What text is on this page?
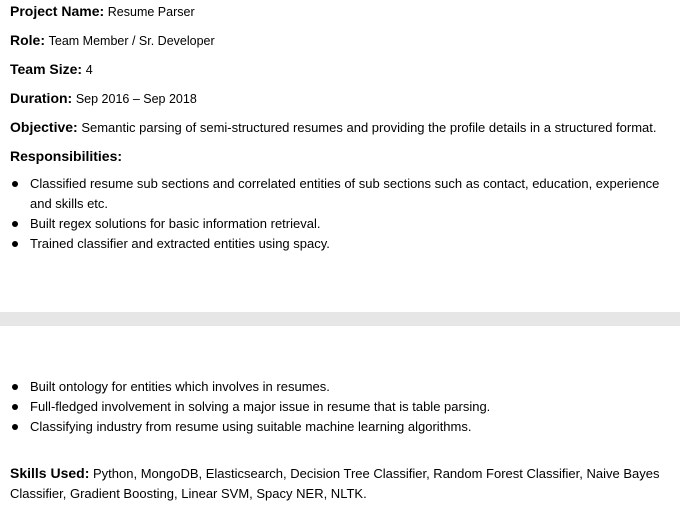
Project Name: Resume Parser
Role: Team Member / Sr. Developer
Team Size: 4
Duration: Sep 2016 – Sep 2018
Objective: Semantic parsing of semi-structured resumes and providing the profile details in a structured format.
Responsibilities:
Classified resume sub sections and correlated entities of sub sections such as contact, education, experience and skills etc.
Built regex solutions for basic information retrieval.
Trained classifier and extracted entities using spacy.
Built ontology for entities which involves in resumes.
Full-fledged involvement in solving a major issue in resume that is table parsing.
Classifying industry from resume using suitable machine learning algorithms.
Skills Used: Python, MongoDB, Elasticsearch, Decision Tree Classifier, Random Forest Classifier, Naive Bayes Classifier, Gradient Boosting, Linear SVM, Spacy NER, NLTK.
